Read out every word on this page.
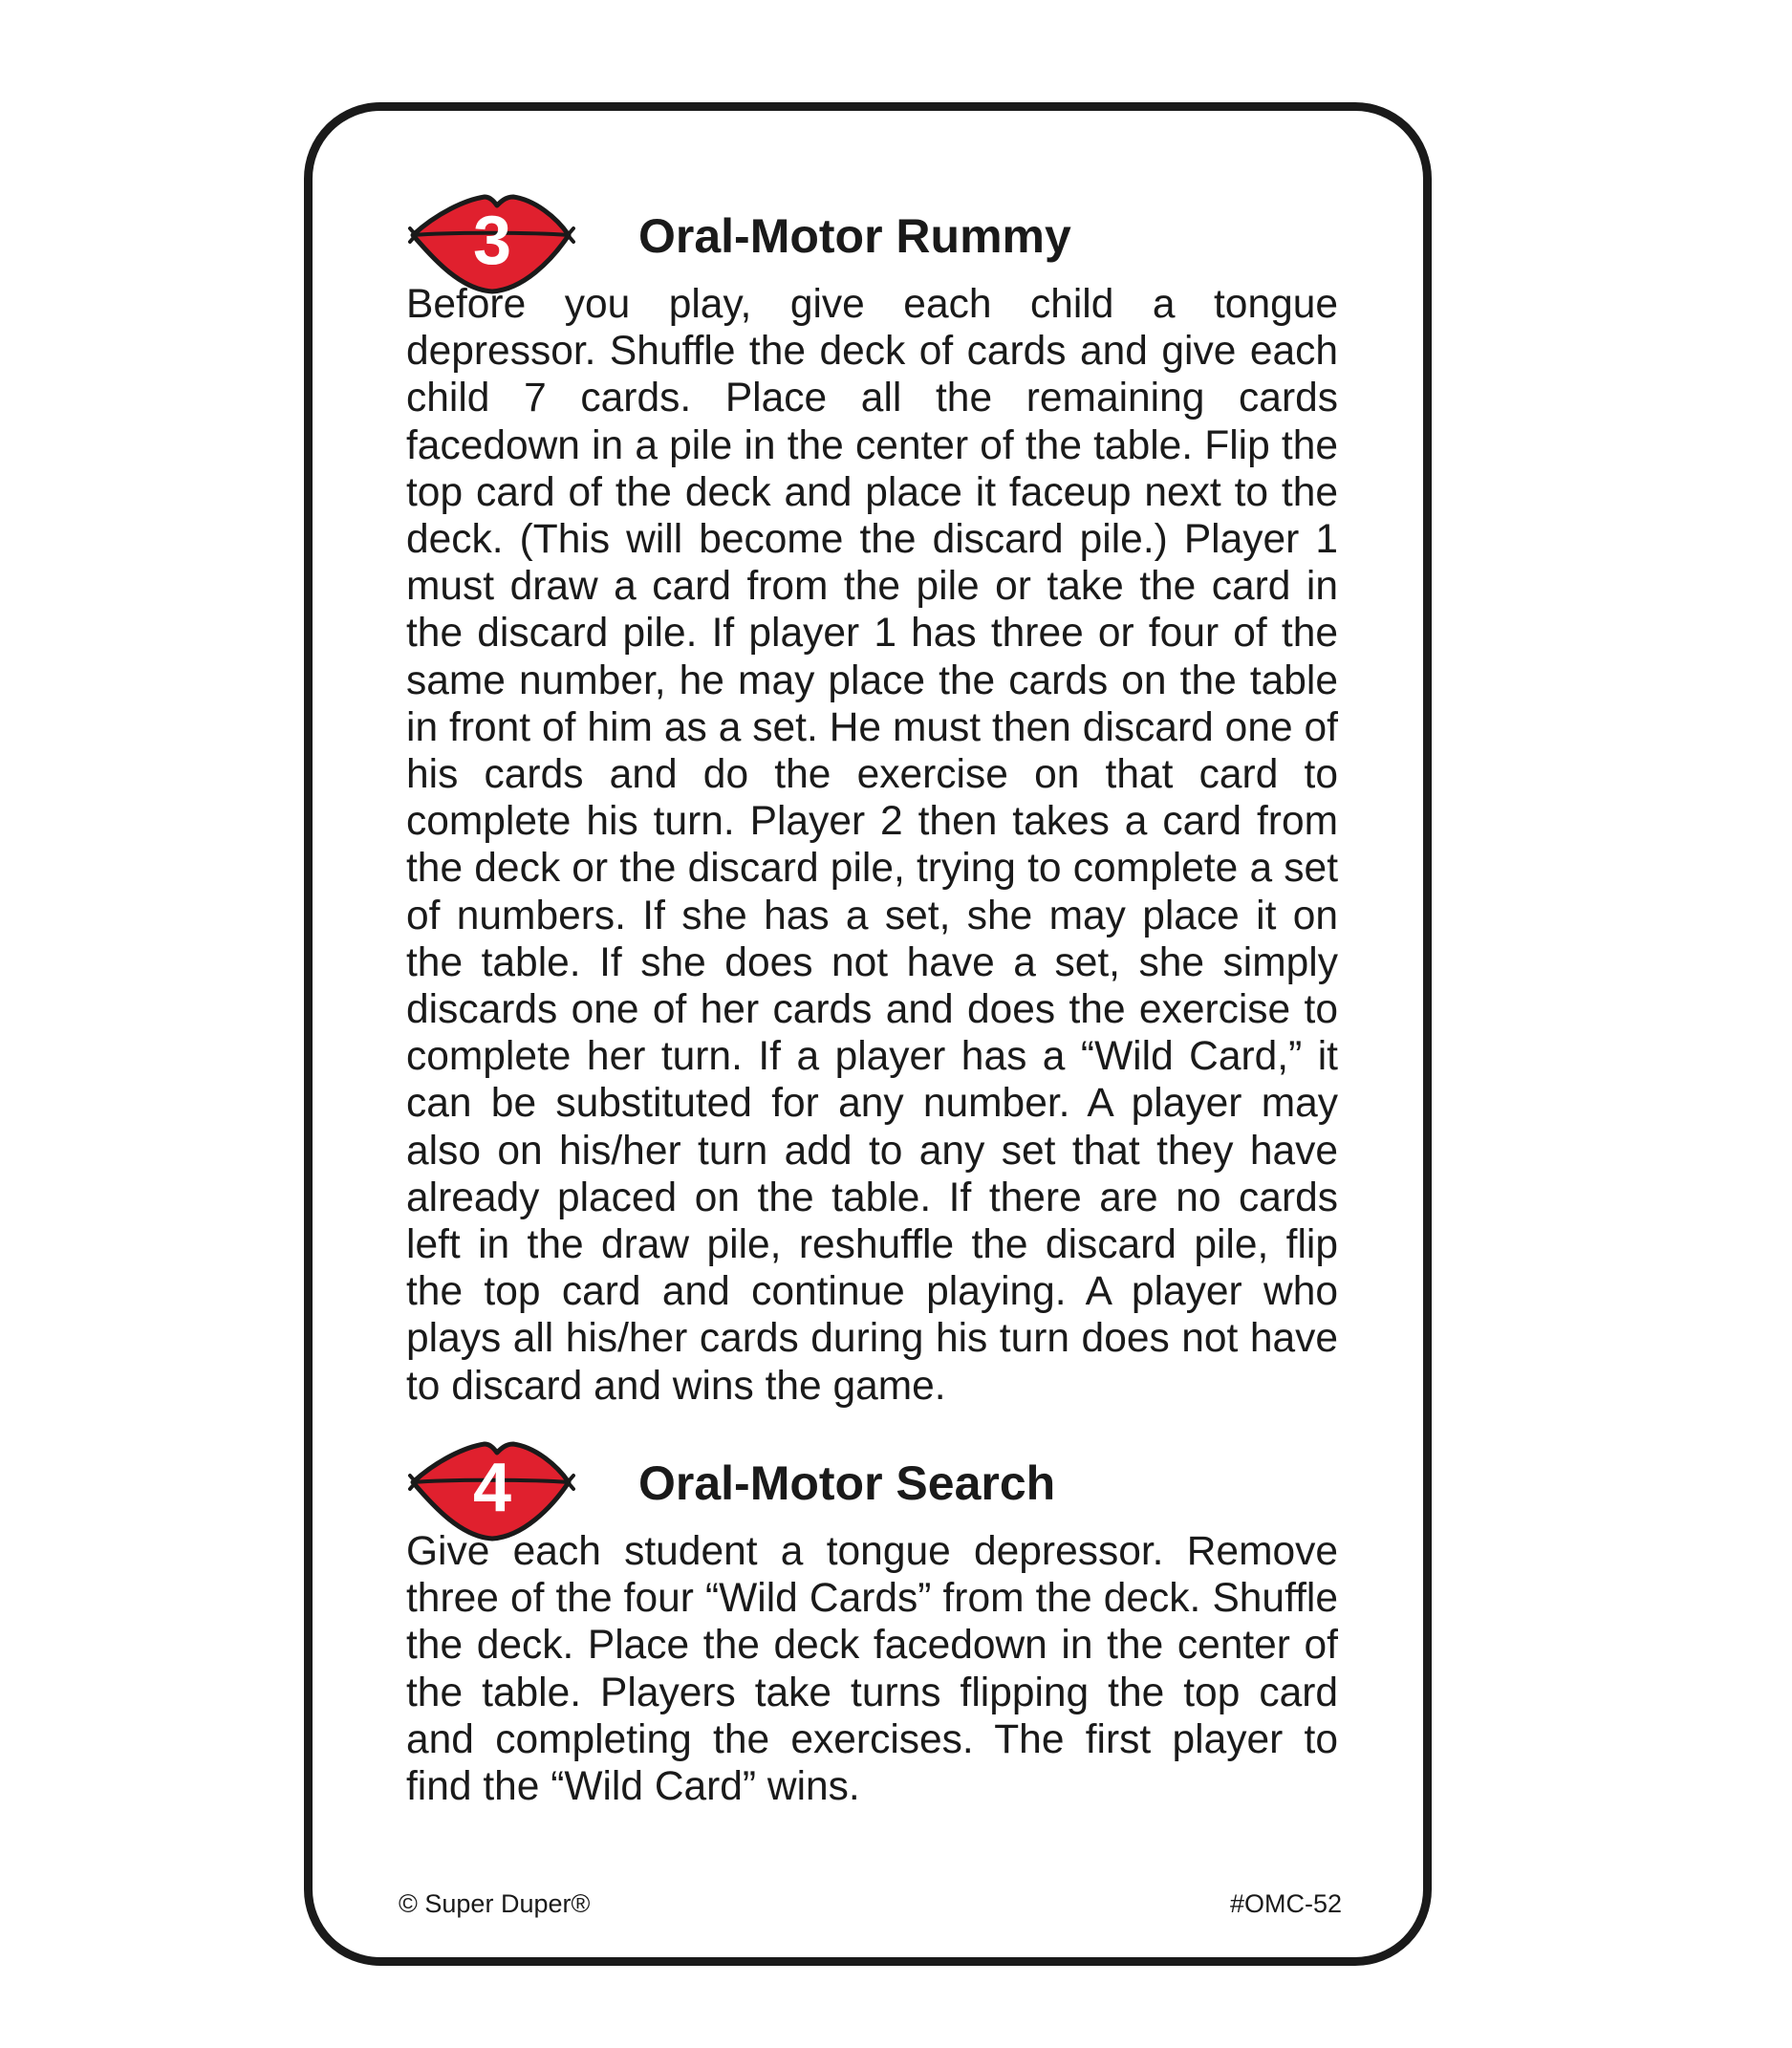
3	Oral-Motor Rummy

Before you play, give each child a tongue depressor. Shuffle the deck of cards and give each child 7 cards. Place all the remaining cards facedown in a pile in the center of the table. Flip the top card of the deck and place it faceup next to the deck. (This will become the discard pile.) Player 1 must draw a card from the pile or take the card in the discard pile. If player 1 has three or four of the same number, he may place the cards on the table in front of him as a set. He must then discard one of his cards and do the exercise on that card to complete his turn. Player 2 then takes a card from the deck or the discard pile, trying to complete a set of numbers. If she has a set, she may place it on the table. If she does not have a set, she simply discards one of her cards and does the exercise to complete her turn. If a player has a “Wild Card,” it can be substituted for any number. A player may also on his/her turn add to any set that they have already placed on the table. If there are no cards left in the draw pile, reshuffle the discard pile, flip the top card and continue playing. A player who plays all his/her cards during his turn does not have to discard and wins the game.

4	Oral-Motor Search

Give each student a tongue depressor. Remove three of the four “Wild Cards” from the deck. Shuffle the deck. Place the deck facedown in the center of the table. Players take turns flipping the top card and completing the exercises. The first player to find the “Wild Card” wins.

© Super Duper®	#OMC-52
